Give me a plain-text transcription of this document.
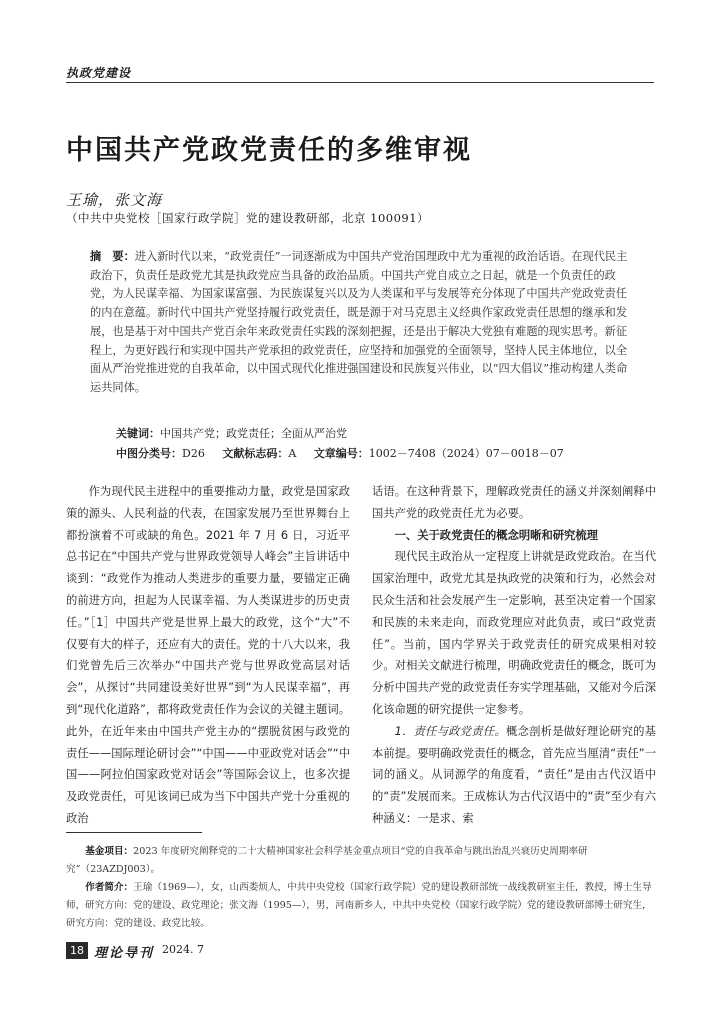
执政党建设
中国共产党政党责任的多维审视
王瑜，张文海
（中共中央党校［国家行政学院］党的建设教研部，北京 100091）
摘　要：进入新时代以来，“政党责任”一词逐渐成为中国共产党治国理政中尤为重视的政治话语。在现代民主政治下，负责任是政党尤其是执政党应当具备的政治品质。中国共产党自成立之日起，就是一个负责任的政党，为人民谋幸福、为国家谋富强、为民族谋复兴以及为人类谋和平与发展等充分体现了中国共产党政党责任的内在意蕴。新时代中国共产党坚持履行政党责任，既是源于对马克思主义经典作家政党责任思想的继承和发展，也是基于对中国共产党百余年来政党责任实践的深刻把握，还是出于解决大党独有难题的现实思考。新征程上，为更好践行和实现中国共产党承担的政党责任，应坚持和加强党的全面领导，坚持人民主体地位，以全面从严治党推进党的自我革命，以中国式现代化推进强国建设和民族复兴伟业，以“四大倡议”推动构建人类命运共同体。
关键词：中国共产党；政党责任；全面从严治党
中图分类号：D26 文献标志码：A 文章编号：1002－7408（2024）07－0018－07

作为现代民主进程中的重要推动力量，政党是国家政策的源头、人民利益的代表，在国家发展乃至世界舞台上都扮演着不可或缺的角色。2021 年 7 月 6 日，习近平总书记在“中国共产党与世界政党领导人峰会”主旨讲话中谈到：“政党作为推动人类进步的重要力量，要锚定正确的前进方向，担起为人民谋幸福、为人类谋进步的历史责任。”［1］中国共产党是世界上最大的政党，这个“大”不仅要有大的样子，还应有大的责任。党的十八大以来，我们党曾先后三次举办“中国共产党与世界政党高层对话会”，从探讨“共同建设美好世界”到“为人民谋幸福”，再到“现代化道路”，都将政党责任作为会议的关键主题词。此外，在近年来由中国共产党主办的“摆脱贫困与政党的责任——国际理论研讨会”“中国——中亚政党对话会”“中国——阿拉伯国家政党对话会”等国际会议上，也多次提及政党责任，可见该词已成为当下中国共产党十分重视的政治

话语。在这种背景下，理解政党责任的涵义并深刻阐释中国共产党的政党责任尤为必要。

一、关于政党责任的概念明晰和研究梳理

现代民主政治从一定程度上讲就是政党政治。在当代国家治理中，政党尤其是执政党的决策和行为，必然会对民众生活和社会发展产生一定影响，甚至决定着一个国家和民族的未来走向，而政党理应对此负责，或曰“政党责任”。当前，国内学界关于政党责任的研究成果相对较少。对相关文献进行梳理，明确政党责任的概念，既可为分析中国共产党的政党责任夯实学理基础，又能对今后深化该命题的研究提供一定参考。

1．责任与政党责任。概念剖析是做好理论研究的基本前提。要明确政党责任的概念，首先应当厘清“责任”一词的涵义。从词源学的角度看，“责任”是由古代汉语中的“责”发展而来。王成栋认为古代汉语中的“责”至少有六种涵义：一是求、索

基金项目：2023 年度研究阐释党的二十大精神国家社会科学基金重点项目“党的自我革命与跳出治乱兴衰历史周期率研究”（23AZDJ003）。

作者简介：王瑜（1969—），女，山西娄烦人，中共中央党校（国家行政学院）党的建设教研部统一战线教研室主任，教授，博士生导师，研究方向：党的建设、政党理论；张文海（1995—），男，河南新乡人，中共中央党校（国家行政学院）党的建设教研部博士研究生，研究方向：党的建设、政党比较。

18 理论导刊 2024. 7
